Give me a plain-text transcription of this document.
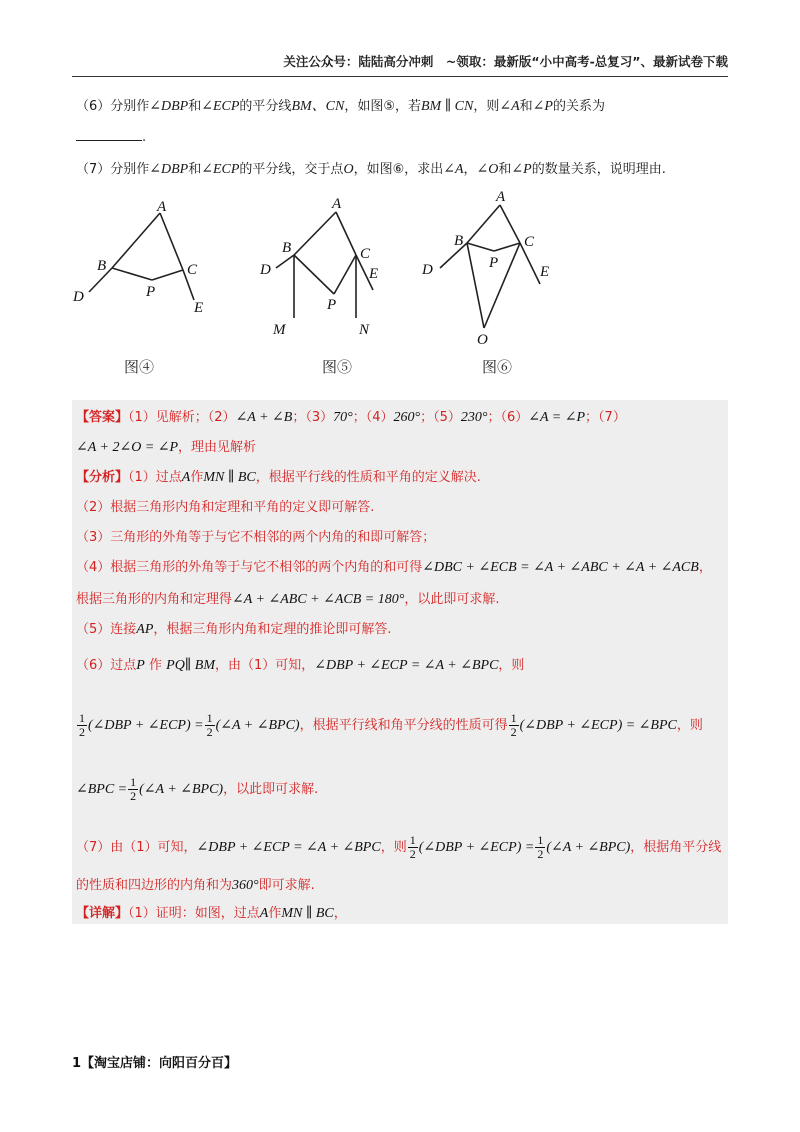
关注公众号：陆陆高分冲刺　~领取：最新版“小中高考-总复习”、最新试卷下载
（6）分别作∠DBP和∠ECP的平分线BM、CN，如图⑤，若BM ∥ CN，则∠A和∠P的关系为
.
（7）分别作∠DBP和∠ECP的平分线，交于点O，如图⑥，求出∠A，∠O和∠P的数量关系，说明理由.
A
B	C
D
E
P
A
B	C
D	E
P
M	N
A
B	C
D	E
P
O
图④	图⑤	图⑥
【答案】（1）见解析；（2）∠A + ∠B；（3）70°；（4）260°；（5）230°；（6）∠A = ∠P；（7）
∠A + 2∠O = ∠P，理由见解析
【分析】（1）过点A作MN ∥ BC，根据平行线的性质和平角的定义解决.
（2）根据三角形内角和定理和平角的定义即可解答.
（3）三角形的外角等于与它不相邻的两个内角的和即可解答；
（4）根据三角形的外角等于与它不相邻的两个内角的和可得∠DBC + ∠ECB = ∠A + ∠ABC + ∠A + ∠ACB，
根据三角形的内角和定理得∠A + ∠ABC + ∠ACB = 180°，以此即可求解.
（5）连接AP，根据三角形内角和定理的推论即可解答.
（6）过点P 作 PQ∥ BM，由（1）可知，∠DBP + ∠ECP = ∠A + ∠BPC，则
$\frac{1}{2}$ (∠DBP + ∠ECP) = $\frac{1}{2}$ (∠A + ∠BPC)，根据平行线和角平分线的性质可得 $\frac{1}{2}$ (∠DBP + ∠ECP) = ∠BPC，则
∠BPC = $\frac{1}{2}$ (∠A + ∠BPC)，以此即可求解.
（7）由（1）可知，∠DBP + ∠ECP = ∠A + ∠BPC，则 $\frac{1}{2}$ (∠DBP + ∠ECP) = $\frac{1}{2}$ (∠A + ∠BPC)，根据角平分线
的性质和四边形的内角和为360°即可求解.
【详解】（1）证明：如图，过点A作MN ∥ BC，
1【淘宝店铺：向阳百分百】
